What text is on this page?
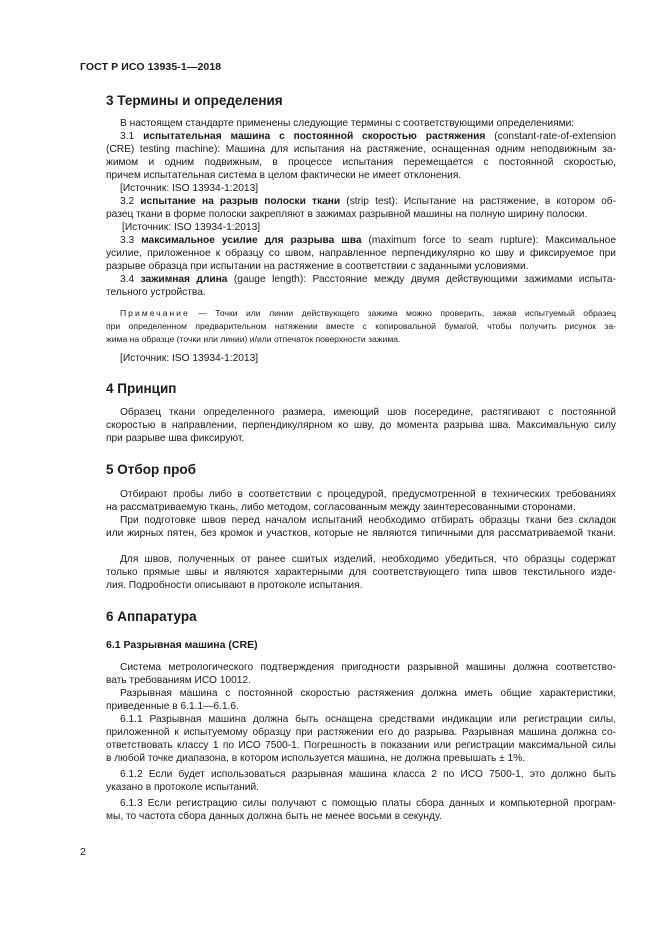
ГОСТ Р ИСО 13935-1—2018
3 Термины и определения
В настоящем стандарте применены следующие термины с соответствующими определениями:
3.1 испытательная машина с постоянной скоростью растяжения (constant-rate-of-extension
(CRE) testing machine): Машина для испытания на растяжение, оснащенная одним неподвижным за-
жимом и одним подвижным, в процессе испытания перемещается с постоянной скоростью,
причем испытательная система в целом фактически не имеет отклонения.
[Источник: ISO 13934-1:2013]
3.2 испытание на разрыв полоски ткани (strip test): Испытание на растяжение, в котором об-
разец ткани в форме полоски закрепляют в зажимах разрывной машины на полную ширину полоски.
[Источник: ISO 13934-1:2013]
3.3 максимальное усилие для разрыва шва (maximum force to seam rupture): Максимальное
усилие, приложенное к образцу со швом, направленное перпендикулярно ко шву и фиксируемое при
разрыве образца при испытании на растяжение в соответствии с заданными условиями.
3.4 зажимная длина (gauge length): Расстояние между двумя действующими зажимами испыта-
тельного устройства.
Примечание — Точки или линии действующего зажима можно проверить, зажав испытуемый образец
при определенном предварительном натяжении вместе с копировальной бумагой, чтобы получить рисунок за-
жима на образце (точки или линии) и/или отпечаток поверхности зажима.
[Источник: ISO 13934-1:2013]
4 Принцип
Образец ткани определенного размера, имеющий шов посередине, растягивают с постоянной
скоростью в направлении, перпендикулярном ко шву, до момента разрыва шва. Максимальную силу
при разрыве шва фиксируют.
5 Отбор проб
Отбирают пробы либо в соответствии с процедурой, предусмотренной в технических требованиях
на рассматриваемую ткань, либо методом, согласованным между заинтересованными сторонами.
При подготовке швов перед началом испытаний необходимо отбирать образцы ткани без складок
или жирных пятен, без кромок и участков, которые не являются типичными для рассматриваемой ткани.
Для швов, полученных от ранее сшитых изделий, необходимо убедиться, что образцы содержат
только прямые швы и являются характерными для соответствующего типа швов текстильного изде-
лия. Подробности описывают в протоколе испытания.
6 Аппаратура
6.1 Разрывная машина (CRE)
Система метрологического подтверждения пригодности разрывной машины должна соответство-
вать требованиям ИСО 10012.
Разрывная машина с постоянной скоростью растяжения должна иметь общие характеристики,
приведенные в 6.1.1—6.1.6.
6.1.1 Разрывная машина должна быть оснащена средствами индикации или регистрации силы,
приложенной к испытуемому образцу при растяжении его до разрыва. Разрывная машина должна со-
ответствовать классу 1 по ИСО 7500-1. Погрешность в показании или регистрации максимальной силы
в любой точке диапазона, в котором используется машина, не должна превышать ± 1%.
6.1.2 Если будет использоваться разрывная машина класса 2 по ИСО 7500-1, это должно быть
указано в протоколе испытаний.
6.1.3 Если регистрацию силы получают с помощью платы сбора данных и компьютерной програм-
мы, то частота сбора данных должна быть не менее восьми в секунду.
2
